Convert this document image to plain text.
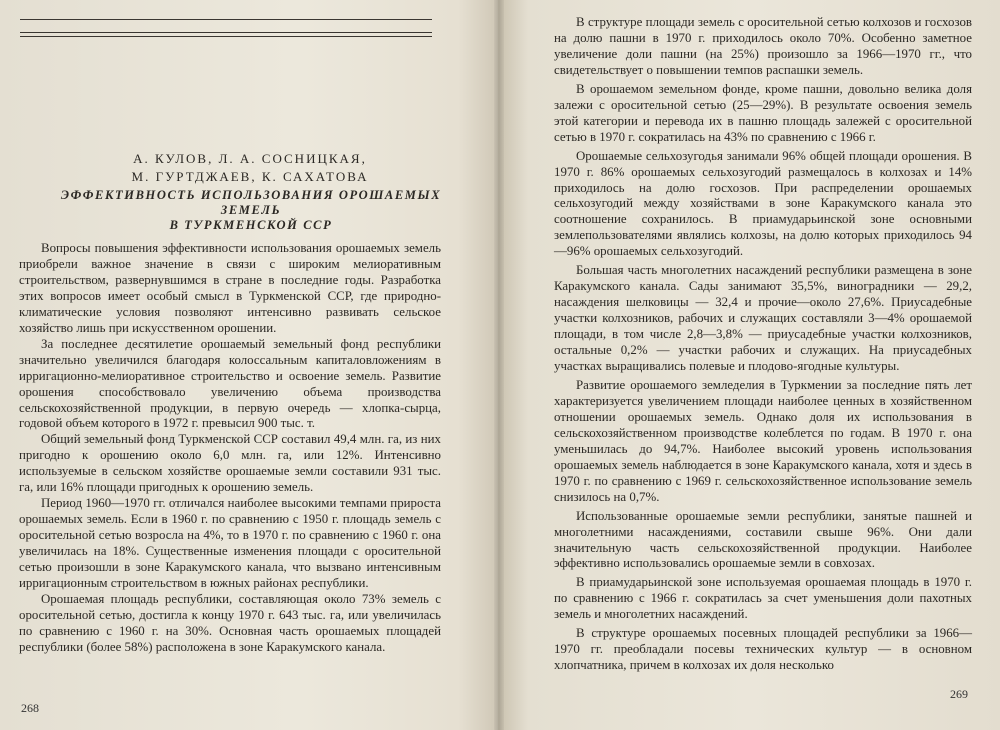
А. КУЛОВ, Л. А. СОСНИЦКАЯ,
М. ГУРТДЖАЕВ, К. САХАТОВА
ЭФФЕКТИВНОСТЬ ИСПОЛЬЗОВАНИЯ ОРОШАЕМЫХ ЗЕМЕЛЬ
В ТУРКМЕНСКОЙ ССР

Вопросы повышения эффективности использования орошаемых земель приобрели важное значение в связи с широким мелиоративным строительством, развернувшимся в стране в последние годы. Разработка этих вопросов имеет особый смысл в Туркменской ССР, где природно-климатические условия позволяют интенсивно развивать сельское хозяйство лишь при искусственном орошении.

За последнее десятилетие орошаемый земельный фонд республики значительно увеличился благодаря колоссальным капиталовложениям в ирригационно-мелиоративное строительство и освоение земель. Развитие орошения способствовало увеличению объема производства сельскохозяйственной продукции, в первую очередь — хлопка-сырца, годовой объем которого в 1972 г. превысил 900 тыс. т.

Общий земельный фонд Туркменской ССР составил 49,4 млн. га, из них пригодно к орошению около 6,0 млн. га, или 12%. Интенсивно используемые в сельском хозяйстве орошаемые земли составили 931 тыс. га, или 16% площади пригодных к орошению земель.

Период 1960—1970 гг. отличался наиболее высокими темпами прироста орошаемых земель. Если в 1960 г. по сравнению с 1950 г. площадь земель с оросительной сетью возросла на 4%, то в 1970 г. по сравнению с 1960 г. она увеличилась на 18%. Существенные изменения площади с оросительной сетью произошли в зоне Каракумского канала, что вызвано интенсивным ирригационным строительством в южных районах республики.

Орошаемая площадь республики, составляющая около 73% земель с оросительной сетью, достигла к концу 1970 г. 643 тыс. га, или увеличилась по сравнению с 1960 г. на 30%. Основная часть орошаемых площадей республики (более 58%) расположена в зоне Каракумского канала.

268

В структуре площади земель с оросительной сетью колхозов и госхозов на долю пашни в 1970 г. приходилось около 70%. Особенно заметное увеличение доли пашни (на 25%) произошло за 1966—1970 гг., что свидетельствует о повышении темпов распашки земель.

В орошаемом земельном фонде, кроме пашни, довольно велика доля залежи с оросительной сетью (25—29%). В результате освоения земель этой категории и перевода их в пашню площадь залежей с оросительной сетью в 1970 г. сократилась на 43% по сравнению с 1966 г.

Орошаемые сельхозугодья занимали 96% общей площади орошения. В 1970 г. 86% орошаемых сельхозугодий размещалось в колхозах и 14% приходилось на долю госхозов. При распределении орошаемых сельхозугодий между хозяйствами в зоне Каракумского канала это соотношение сохранилось. В приамударьинской зоне основными землепользователями являлись колхозы, на долю которых приходилось 94—96% орошаемых сельхозугодий.

Большая часть многолетних насаждений республики размещена в зоне Каракумского канала. Сады занимают 35,5%, виноградники — 29,2, насаждения шелковицы — 32,4 и прочие—около 27,6%. Приусадебные участки колхозников, рабочих и служащих составляли 3—4% орошаемой площади, в том числе 2,8—3,8% — приусадебные участки колхозников, остальные 0,2% — участки рабочих и служащих. На приусадебных участках выращивались полевые и плодово-ягодные культуры.

Развитие орошаемого земледелия в Туркмении за последние пять лет характеризуется увеличением площади наиболее ценных в хозяйственном отношении орошаемых земель. Однако доля их использования в сельскохозяйственном производстве колеблется по годам. В 1970 г. она уменьшилась до 94,7%. Наиболее высокий уровень использования орошаемых земель наблюдается в зоне Каракумского канала, хотя и здесь в 1970 г. по сравнению с 1969 г. сельскохозяйственное использование земель снизилось на 0,7%.

Использованные орошаемые земли республики, занятые пашней и многолетними насаждениями, составили свыше 96%. Они дали значительную часть сельскохозяйственной продукции. Наиболее эффективно использовались орошаемые земли в совхозах.

В приамударьинской зоне используемая орошаемая площадь в 1970 г. по сравнению с 1966 г. сократилась за счет уменьшения доли пахотных земель и многолетних насаждений.

В структуре орошаемых посевных площадей республики за 1966—1970 гг. преобладали посевы технических культур — в основном хлопчатника, причем в колхозах их доля несколько

269
